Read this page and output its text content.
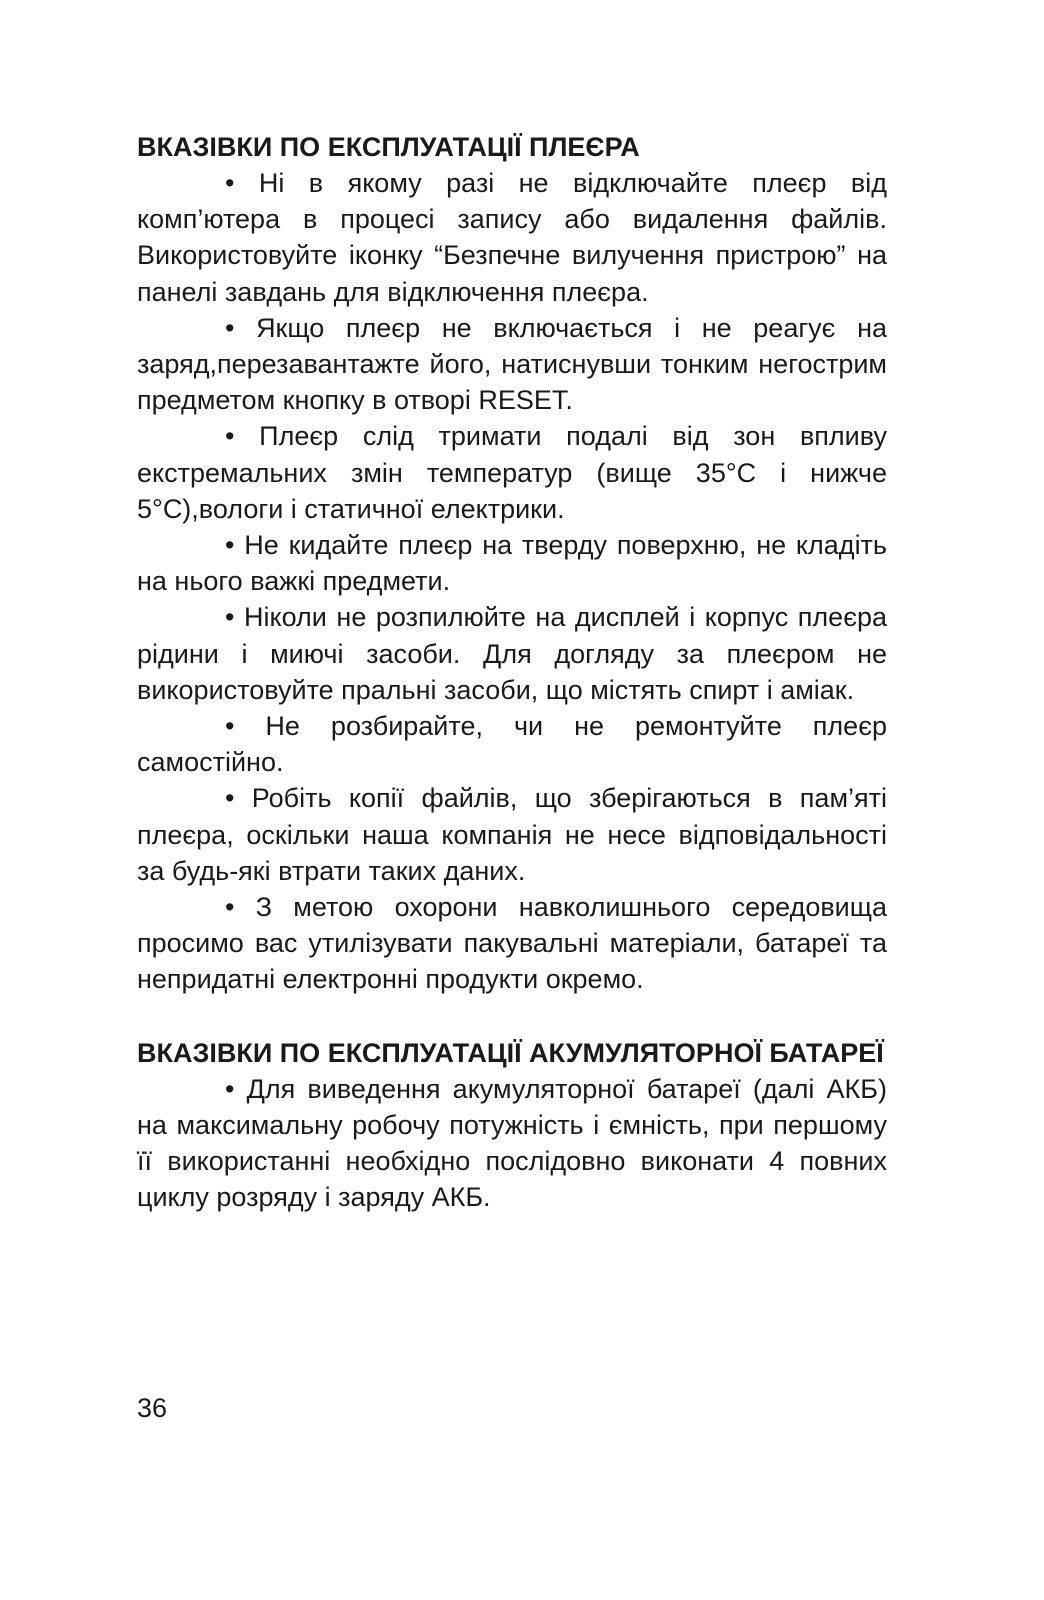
ВКАЗІВКИ ПО ЕКСПЛУАТАЦІЇ ПЛЕЄРА

• Ні в якому разі не відключайте плеєр від комп’ютера в процесі запису або видалення файлів. Використовуйте іконку “Безпечне вилучення пристрою” на панелі завдань для відключення плеєра.

• Якщо плеєр не включається і не реагує на заряд,перезавантажте його, натиснувши тонким негострим предметом кнопку в отворі RESET.

• Плеєр слід тримати подалі від зон впливу екстремальних змін температур (вище 35°С і нижче 5°С),вологи і статичної електрики.

• Не кидайте плеєр на тверду поверхню, не кладіть на нього важкі предмети.

• Ніколи не розпилюйте на дисплей і корпус плеєра рідини і миючі засоби. Для догляду за плеєром не використовуйте пральні засоби, що містять спирт і аміак.

• Не розбирайте, чи не ремонтуйте плеєр самостійно.

• Робіть копії файлів, що зберігаються в пам’яті плеєра, оскільки наша компанія не несе відповідальності за будь-які втрати таких даних.

• З метою охорони навколишнього середовища просимо вас утилізувати пакувальні матеріали, батареї та непридатні електронні продукти окремо.

ВКАЗІВКИ ПО ЕКСПЛУАТАЦІЇ АКУМУЛЯТОРНОЇ БАТАРЕЇ

• Для виведення акумуляторної батареї (далі АКБ) на максимальну робочу потужність і ємність, при першому її використанні необхідно послідовно виконати 4 повних циклу розряду і заряду АКБ.

36
